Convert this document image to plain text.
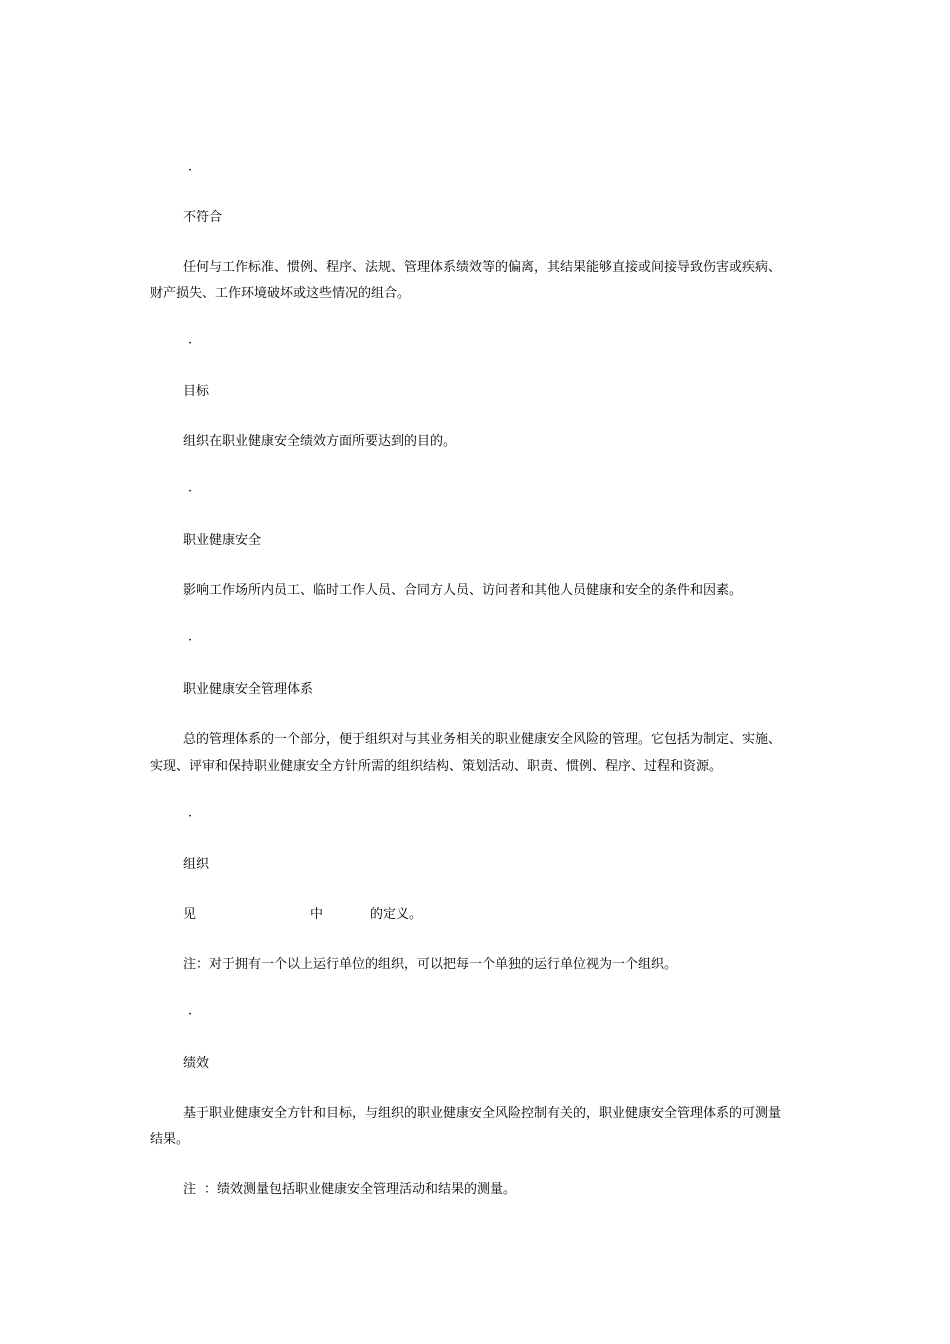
·
不符合
任何与工作标准、惯例、程序、法规、管理体系绩效等的偏离，其结果能够直接或间接导致伤害或疾病、
财产损失、工作环境破坏或这些情况的组合。
·
目标
组织在职业健康安全绩效方面所要达到的目的。
·
职业健康安全
影响工作场所内员工、临时工作人员、合同方人员、访问者和其他人员健康和安全的条件和因素。
·
职业健康安全管理体系
总的管理体系的一个部分，便于组织对与其业务相关的职业健康安全风险的管理。它包括为制定、实施、
实现、评审和保持职业健康安全方针所需的组织结构、策划活动、职责、惯例、程序、过程和资源。
·
组织
见	中	的定义。
注：对于拥有一个以上运行单位的组织，可以把每一个单独的运行单位视为一个组织。
·
绩效
基于职业健康安全方针和目标，与组织的职业健康安全风险控制有关的，职业健康安全管理体系的可测量
结果。
注 ：绩效测量包括职业健康安全管理活动和结果的测量。
